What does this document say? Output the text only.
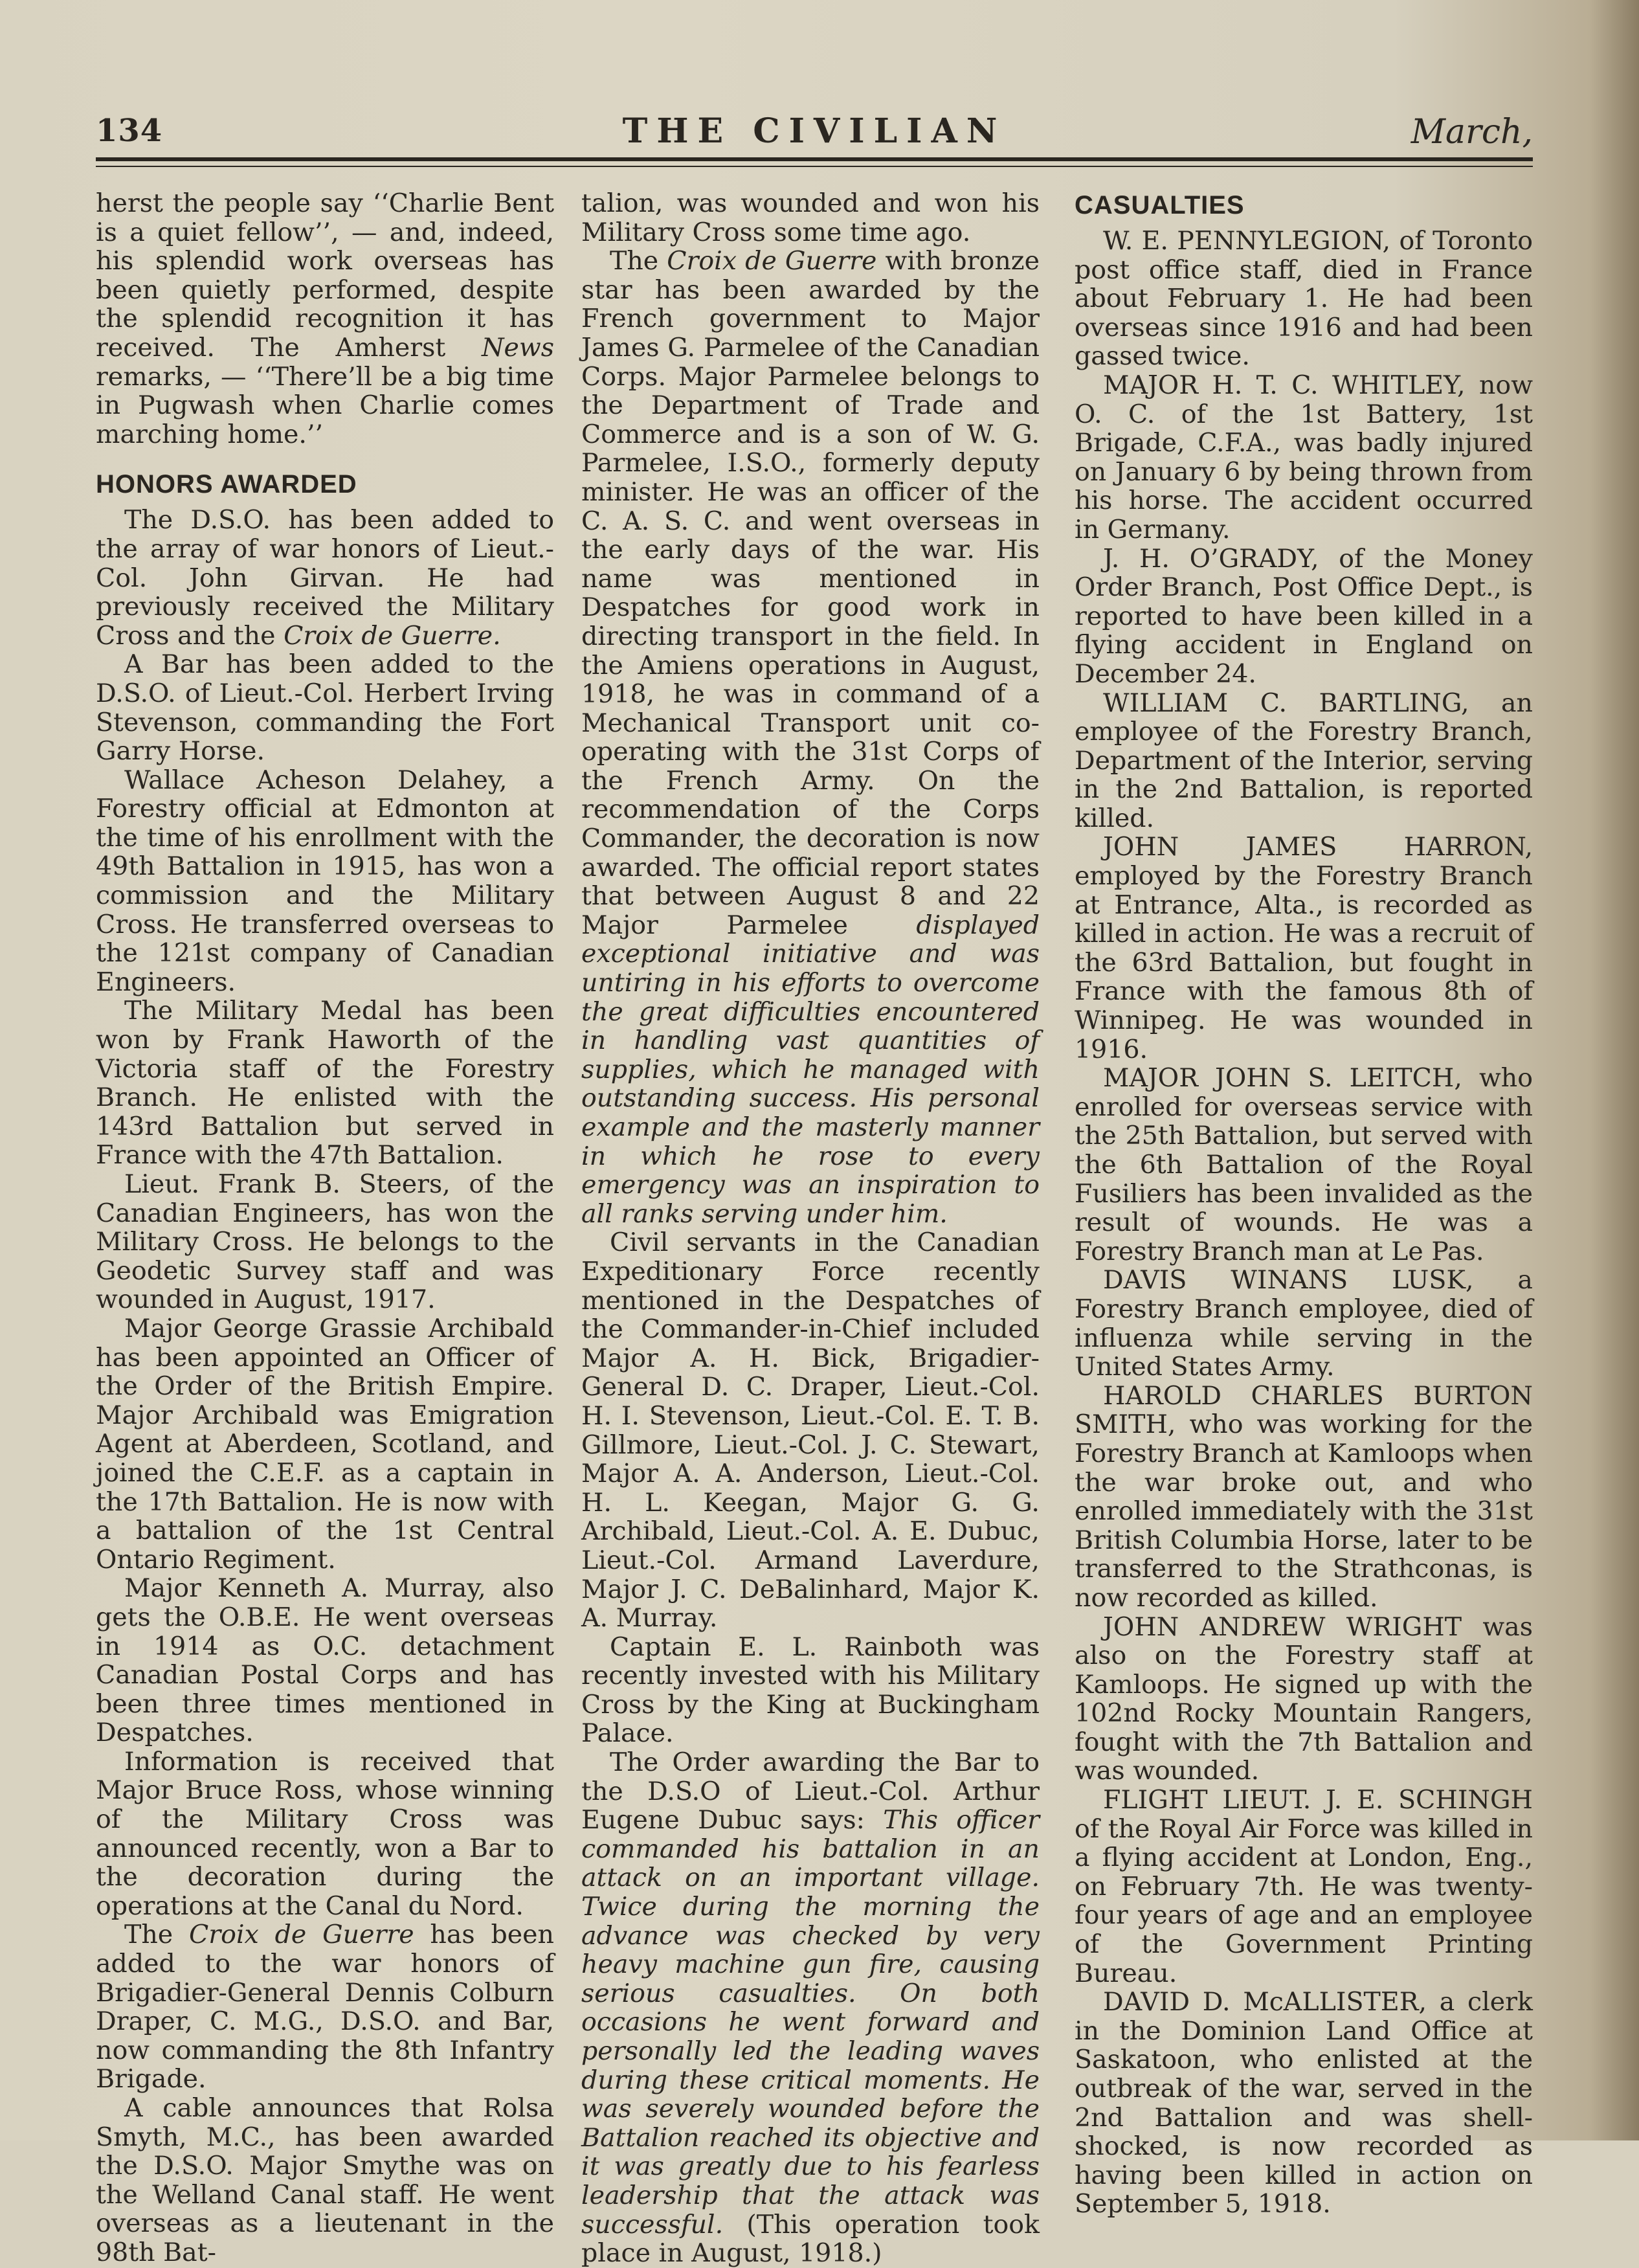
134	THE CIVILIAN	March,

herst the people say ‘‘Charlie Bent is a quiet fellow’’, — and, indeed, his splendid work overseas has been quietly performed, despite the splendid recognition it has received. The Amherst News remarks, — ‘‘There’ll be a big time in Pugwash when Charlie comes marching home.’’

HONORS AWARDED

The D.S.O. has been added to the array of war honors of Lieut.-Col. John Girvan. He had previously received the Military Cross and the Croix de Guerre.

A Bar has been added to the D.S.O. of Lieut.-Col. Herbert Irving Stevenson, commanding the Fort Garry Horse.

Wallace Acheson Delahey, a Forestry official at Edmonton at the time of his enrollment with the 49th Battalion in 1915, has won a commission and the Military Cross. He transferred overseas to the 121st company of Canadian Engineers.

The Military Medal has been won by Frank Haworth of the Victoria staff of the Forestry Branch. He enlisted with the 143rd Battalion but served in France with the 47th Battalion.

Lieut. Frank B. Steers, of the Canadian Engineers, has won the Military Cross. He belongs to the Geodetic Survey staff and was wounded in August, 1917.

Major George Grassie Archibald has been appointed an Officer of the Order of the British Empire. Major Archibald was Emigration Agent at Aberdeen, Scotland, and joined the C.E.F. as a captain in the 17th Battalion. He is now with a battalion of the 1st Central Ontario Regiment.

Major Kenneth A. Murray, also gets the O.B.E. He went overseas in 1914 as O.C. detachment Canadian Postal Corps and has been three times mentioned in Despatches.

Information is received that Major Bruce Ross, whose winning of the Military Cross was announced recently, won a Bar to the decoration during the operations at the Canal du Nord.

The Croix de Guerre has been added to the war honors of Brigadier-General Dennis Colburn Draper, C. M.G., D.S.O. and Bar, now commanding the 8th Infantry Brigade.

A cable announces that Rolsa Smyth, M.C., has been awarded the D.S.O. Major Smythe was on the Welland Canal staff. He went overseas as a lieutenant in the 98th Bat-

talion, was wounded and won his Military Cross some time ago.

The Croix de Guerre with bronze star has been awarded by the French government to Major James G. Parmelee of the Canadian Corps. Major Parmelee belongs to the Department of Trade and Commerce and is a son of W. G. Parmelee, I.S.O., formerly deputy minister. He was an officer of the C. A. S. C. and went overseas in the early days of the war. His name was mentioned in Despatches for good work in directing transport in the field. In the Amiens operations in August, 1918, he was in command of a Mechanical Transport unit co-operating with the 31st Corps of the French Army. On the recommendation of the Corps Commander, the decoration is now awarded. The official report states that between August 8 and 22 Major Parmelee displayed exceptional initiative and was untiring in his efforts to overcome the great difficulties encountered in handling vast quantities of supplies, which he managed with outstanding success. His personal example and the masterly manner in which he rose to every emergency was an inspiration to all ranks serving under him.

Civil servants in the Canadian Expeditionary Force recently mentioned in the Despatches of the Commander-in-Chief included Major A. H. Bick, Brigadier-General D. C. Draper, Lieut.-Col. H. I. Stevenson, Lieut.-Col. E. T. B. Gillmore, Lieut.-Col. J. C. Stewart, Major A. A. Anderson, Lieut.-Col. H. L. Keegan, Major G. G. Archibald, Lieut.-Col. A. E. Dubuc, Lieut.-Col. Armand Laverdure, Major J. C. DeBalinhard, Major K. A. Murray.

Captain E. L. Rainboth was recently invested with his Military Cross by the King at Buckingham Palace.

The Order awarding the Bar to the D.S.O of Lieut.-Col. Arthur Eugene Dubuc says: This officer commanded his battalion in an attack on an important village. Twice during the morning the advance was checked by very heavy machine gun fire, causing serious casualties. On both occasions he went forward and personally led the leading waves during these critical moments. He was severely wounded before the Battalion reached its objective and it was greatly due to his fearless leadership that the attack was successful. (This operation took place in August, 1918.)

CASUALTIES

W. E. PENNYLEGION, of Toronto post office staff, died in France about February 1. He had been overseas since 1916 and had been gassed twice.

MAJOR H. T. C. WHITLEY, now O. C. of the 1st Battery, 1st Brigade, C.F.A., was badly injured on January 6 by being thrown from his horse. The accident occurred in Germany.

J. H. O’GRADY, of the Money Order Branch, Post Office Dept., is reported to have been killed in a flying accident in England on December 24.

WILLIAM C. BARTLING, an employee of the Forestry Branch, Department of the Interior, serving in the 2nd Battalion, is reported killed.

JOHN JAMES HARRON, employed by the Forestry Branch at Entrance, Alta., is recorded as killed in action. He was a recruit of the 63rd Battalion, but fought in France with the famous 8th of Winnipeg. He was wounded in 1916.

MAJOR JOHN S. LEITCH, who enrolled for overseas service with the 25th Battalion, but served with the 6th Battalion of the Royal Fusiliers has been invalided as the result of wounds. He was a Forestry Branch man at Le Pas.

DAVIS WINANS LUSK, a Forestry Branch employee, died of influenza while serving in the United States Army.

HAROLD CHARLES BURTON SMITH, who was working for the Forestry Branch at Kamloops when the war broke out, and who enrolled immediately with the 31st British Columbia Horse, later to be transferred to the Strathconas, is now recorded as killed.

JOHN ANDREW WRIGHT was also on the Forestry staff at Kamloops. He signed up with the 102nd Rocky Mountain Rangers, fought with the 7th Battalion and was wounded.

FLIGHT LIEUT. J. E. SCHINGH of the Royal Air Force was killed in a flying accident at London, Eng., on February 7th. He was twenty-four years of age and an employee of the Government Printing Bureau.

DAVID D. McALLISTER, a clerk in the Dominion Land Office at Saskatoon, who enlisted at the outbreak of the war, served in the 2nd Battalion and was shell-shocked, is now recorded as having been killed in action on September 5, 1918.
